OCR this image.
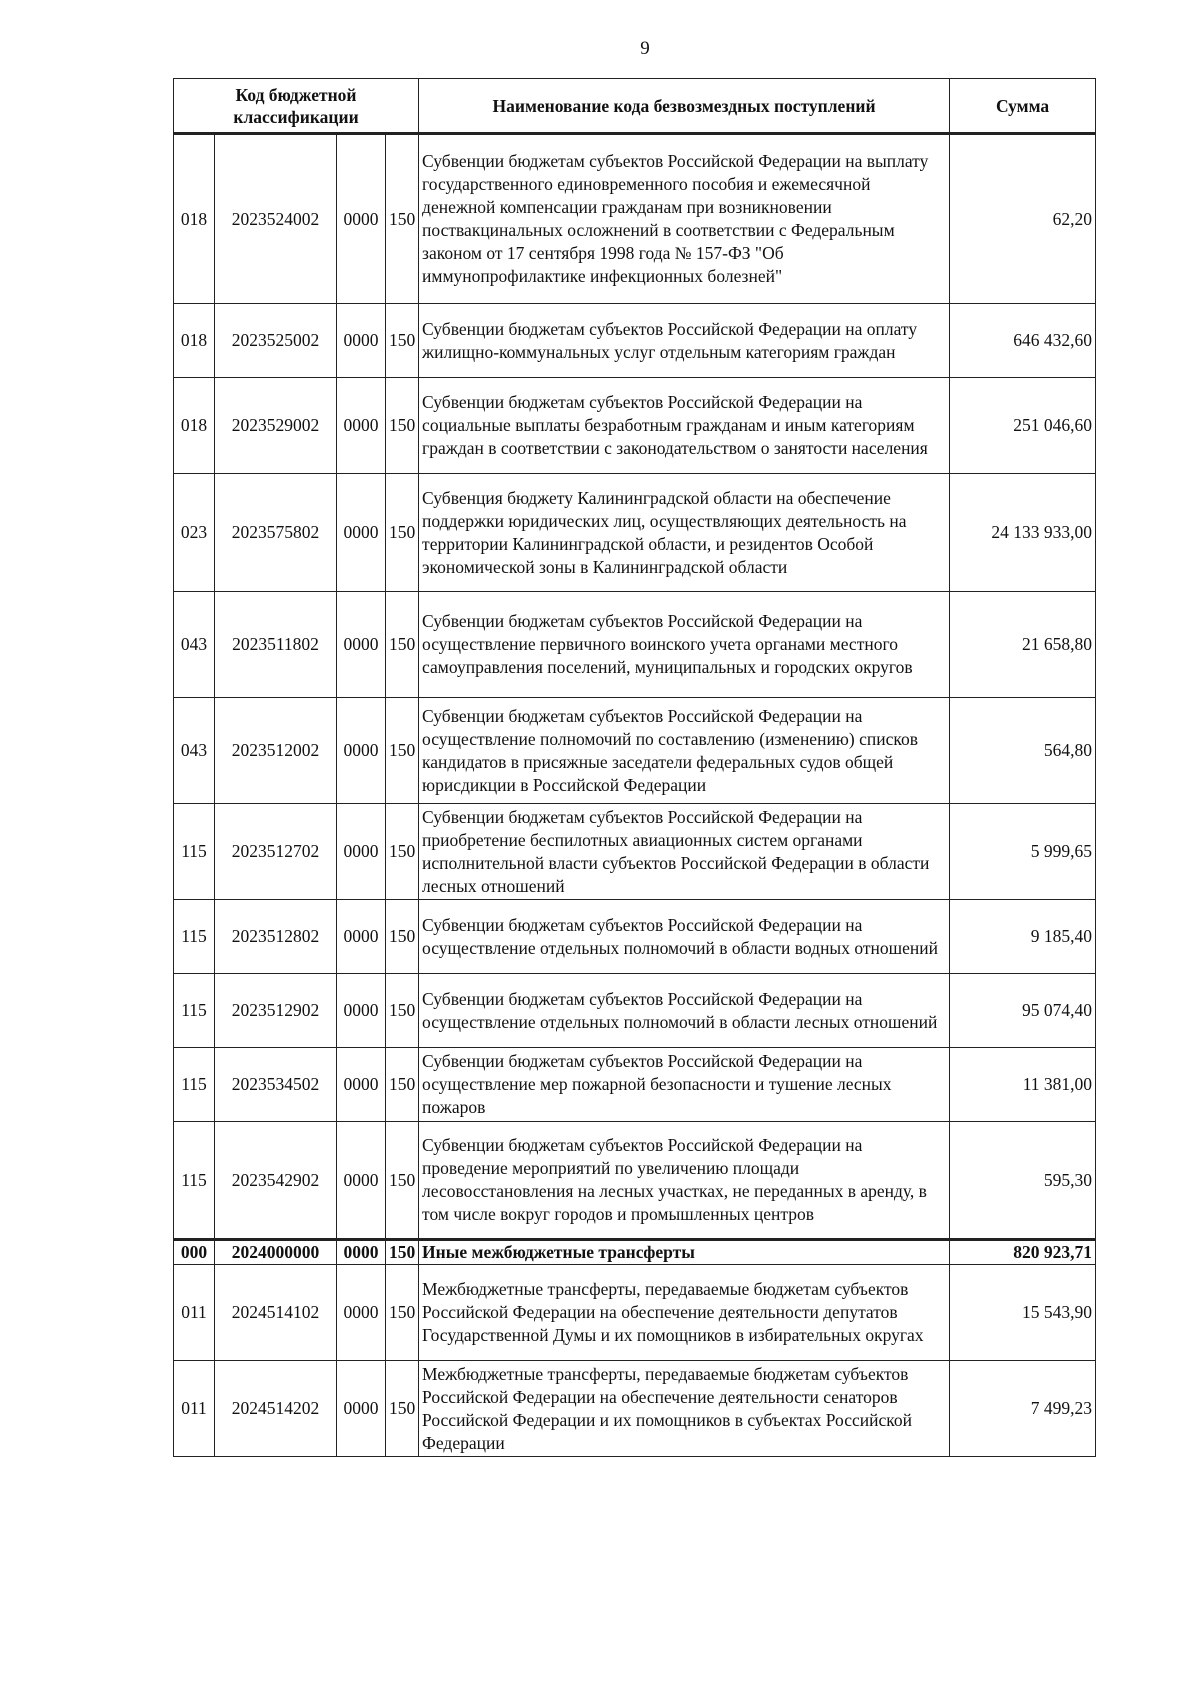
9
Код бюджетной классификации				Наименование кода безвозмездных поступлений	Сумма
018	2023524002	0000	150	Субвенции бюджетам субъектов Российской Федерации на выплату государственного единовременного пособия и ежемесячной денежной компенсации гражданам при возникновении поствакцинальных осложнений в соответствии с Федеральным законом от 17 сентября 1998 года № 157-ФЗ "Об иммунопрофилактике инфекционных болезней"	62,20
018	2023525002	0000	150	Субвенции бюджетам субъектов Российской Федерации на оплату жилищно-коммунальных услуг отдельным категориям граждан	646 432,60
018	2023529002	0000	150	Субвенции бюджетам субъектов Российской Федерации на социальные выплаты безработным гражданам и иным категориям граждан в соответствии с законодательством о занятости населения	251 046,60
023	2023575802	0000	150	Субвенция бюджету Калининградской области на обеспечение поддержки юридических лиц, осуществляющих деятельность на территории Калининградской области, и резидентов Особой экономической зоны в Калининградской области	24 133 933,00
043	2023511802	0000	150	Субвенции бюджетам субъектов Российской Федерации на осуществление первичного воинского учета органами местного самоуправления поселений, муниципальных и городских округов	21 658,80
043	2023512002	0000	150	Субвенции бюджетам субъектов Российской Федерации на осуществление полномочий по составлению (изменению) списков кандидатов в присяжные заседатели федеральных судов общей юрисдикции в Российской Федерации	564,80
115	2023512702	0000	150	Субвенции бюджетам субъектов Российской Федерации на приобретение беспилотных авиационных систем органами исполнительной власти субъектов Российской Федерации в области лесных отношений	5 999,65
115	2023512802	0000	150	Субвенции бюджетам субъектов Российской Федерации на осуществление отдельных полномочий в области водных отношений	9 185,40
115	2023512902	0000	150	Субвенции бюджетам субъектов Российской Федерации на осуществление отдельных полномочий в области лесных отношений	95 074,40
115	2023534502	0000	150	Субвенции бюджетам субъектов Российской Федерации на осуществление мер пожарной безопасности и тушение лесных пожаров	11 381,00
115	2023542902	0000	150	Субвенции бюджетам субъектов Российской Федерации на проведение мероприятий по увеличению площади лесовосстановления на лесных участках, не переданных в аренду, в том числе вокруг городов и промышленных центров	595,30
000	2024000000	0000	150	Иные межбюджетные трансферты	820 923,71
011	2024514102	0000	150	Межбюджетные трансферты, передаваемые бюджетам субъектов Российской Федерации на обеспечение деятельности депутатов Государственной Думы и их помощников в избирательных округах	15 543,90
011	2024514202	0000	150	Межбюджетные трансферты, передаваемые бюджетам субъектов Российской Федерации на обеспечение деятельности сенаторов Российской Федерации и их помощников в субъектах Российской Федерации	7 499,23
